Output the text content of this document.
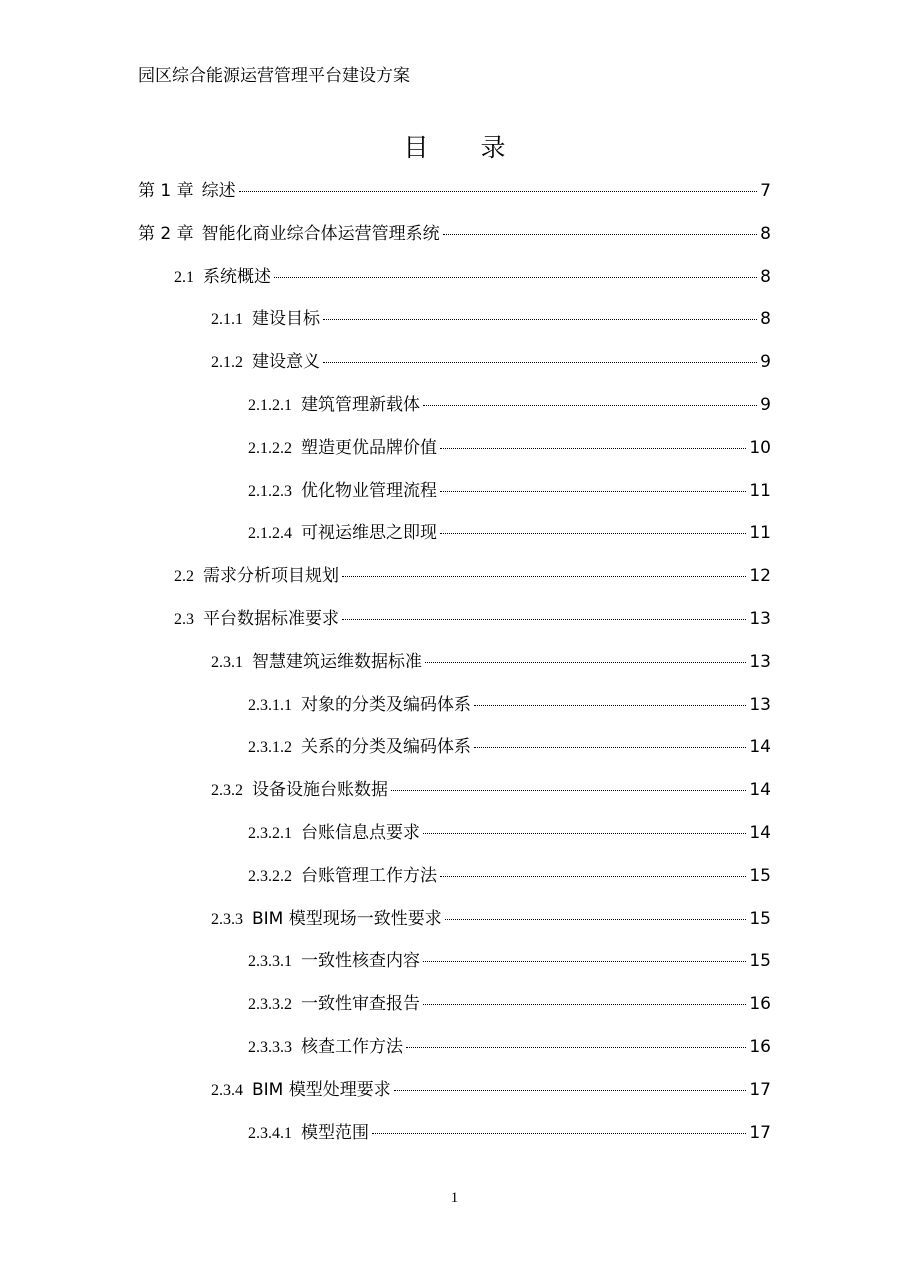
园区综合能源运营管理平台建设方案
目 录
第 1 章 综述	7
第 2 章 智能化商业综合体运营管理系统	8
2.1 系统概述	8
2.1.1 建设目标	8
2.1.2 建设意义	9
2.1.2.1 建筑管理新载体	9
2.1.2.2 塑造更优品牌价值	10
2.1.2.3 优化物业管理流程	11
2.1.2.4 可视运维思之即现	11
2.2 需求分析项目规划	12
2.3 平台数据标准要求	13
2.3.1 智慧建筑运维数据标准	13
2.3.1.1 对象的分类及编码体系	13
2.3.1.2 关系的分类及编码体系	14
2.3.2 设备设施台账数据	14
2.3.2.1 台账信息点要求	14
2.3.2.2 台账管理工作方法	15
2.3.3 BIM 模型现场一致性要求	15
2.3.3.1 一致性核查内容	15
2.3.3.2 一致性审查报告	16
2.3.3.3 核查工作方法	16
2.3.4 BIM 模型处理要求	17
2.3.4.1 模型范围	17
1
